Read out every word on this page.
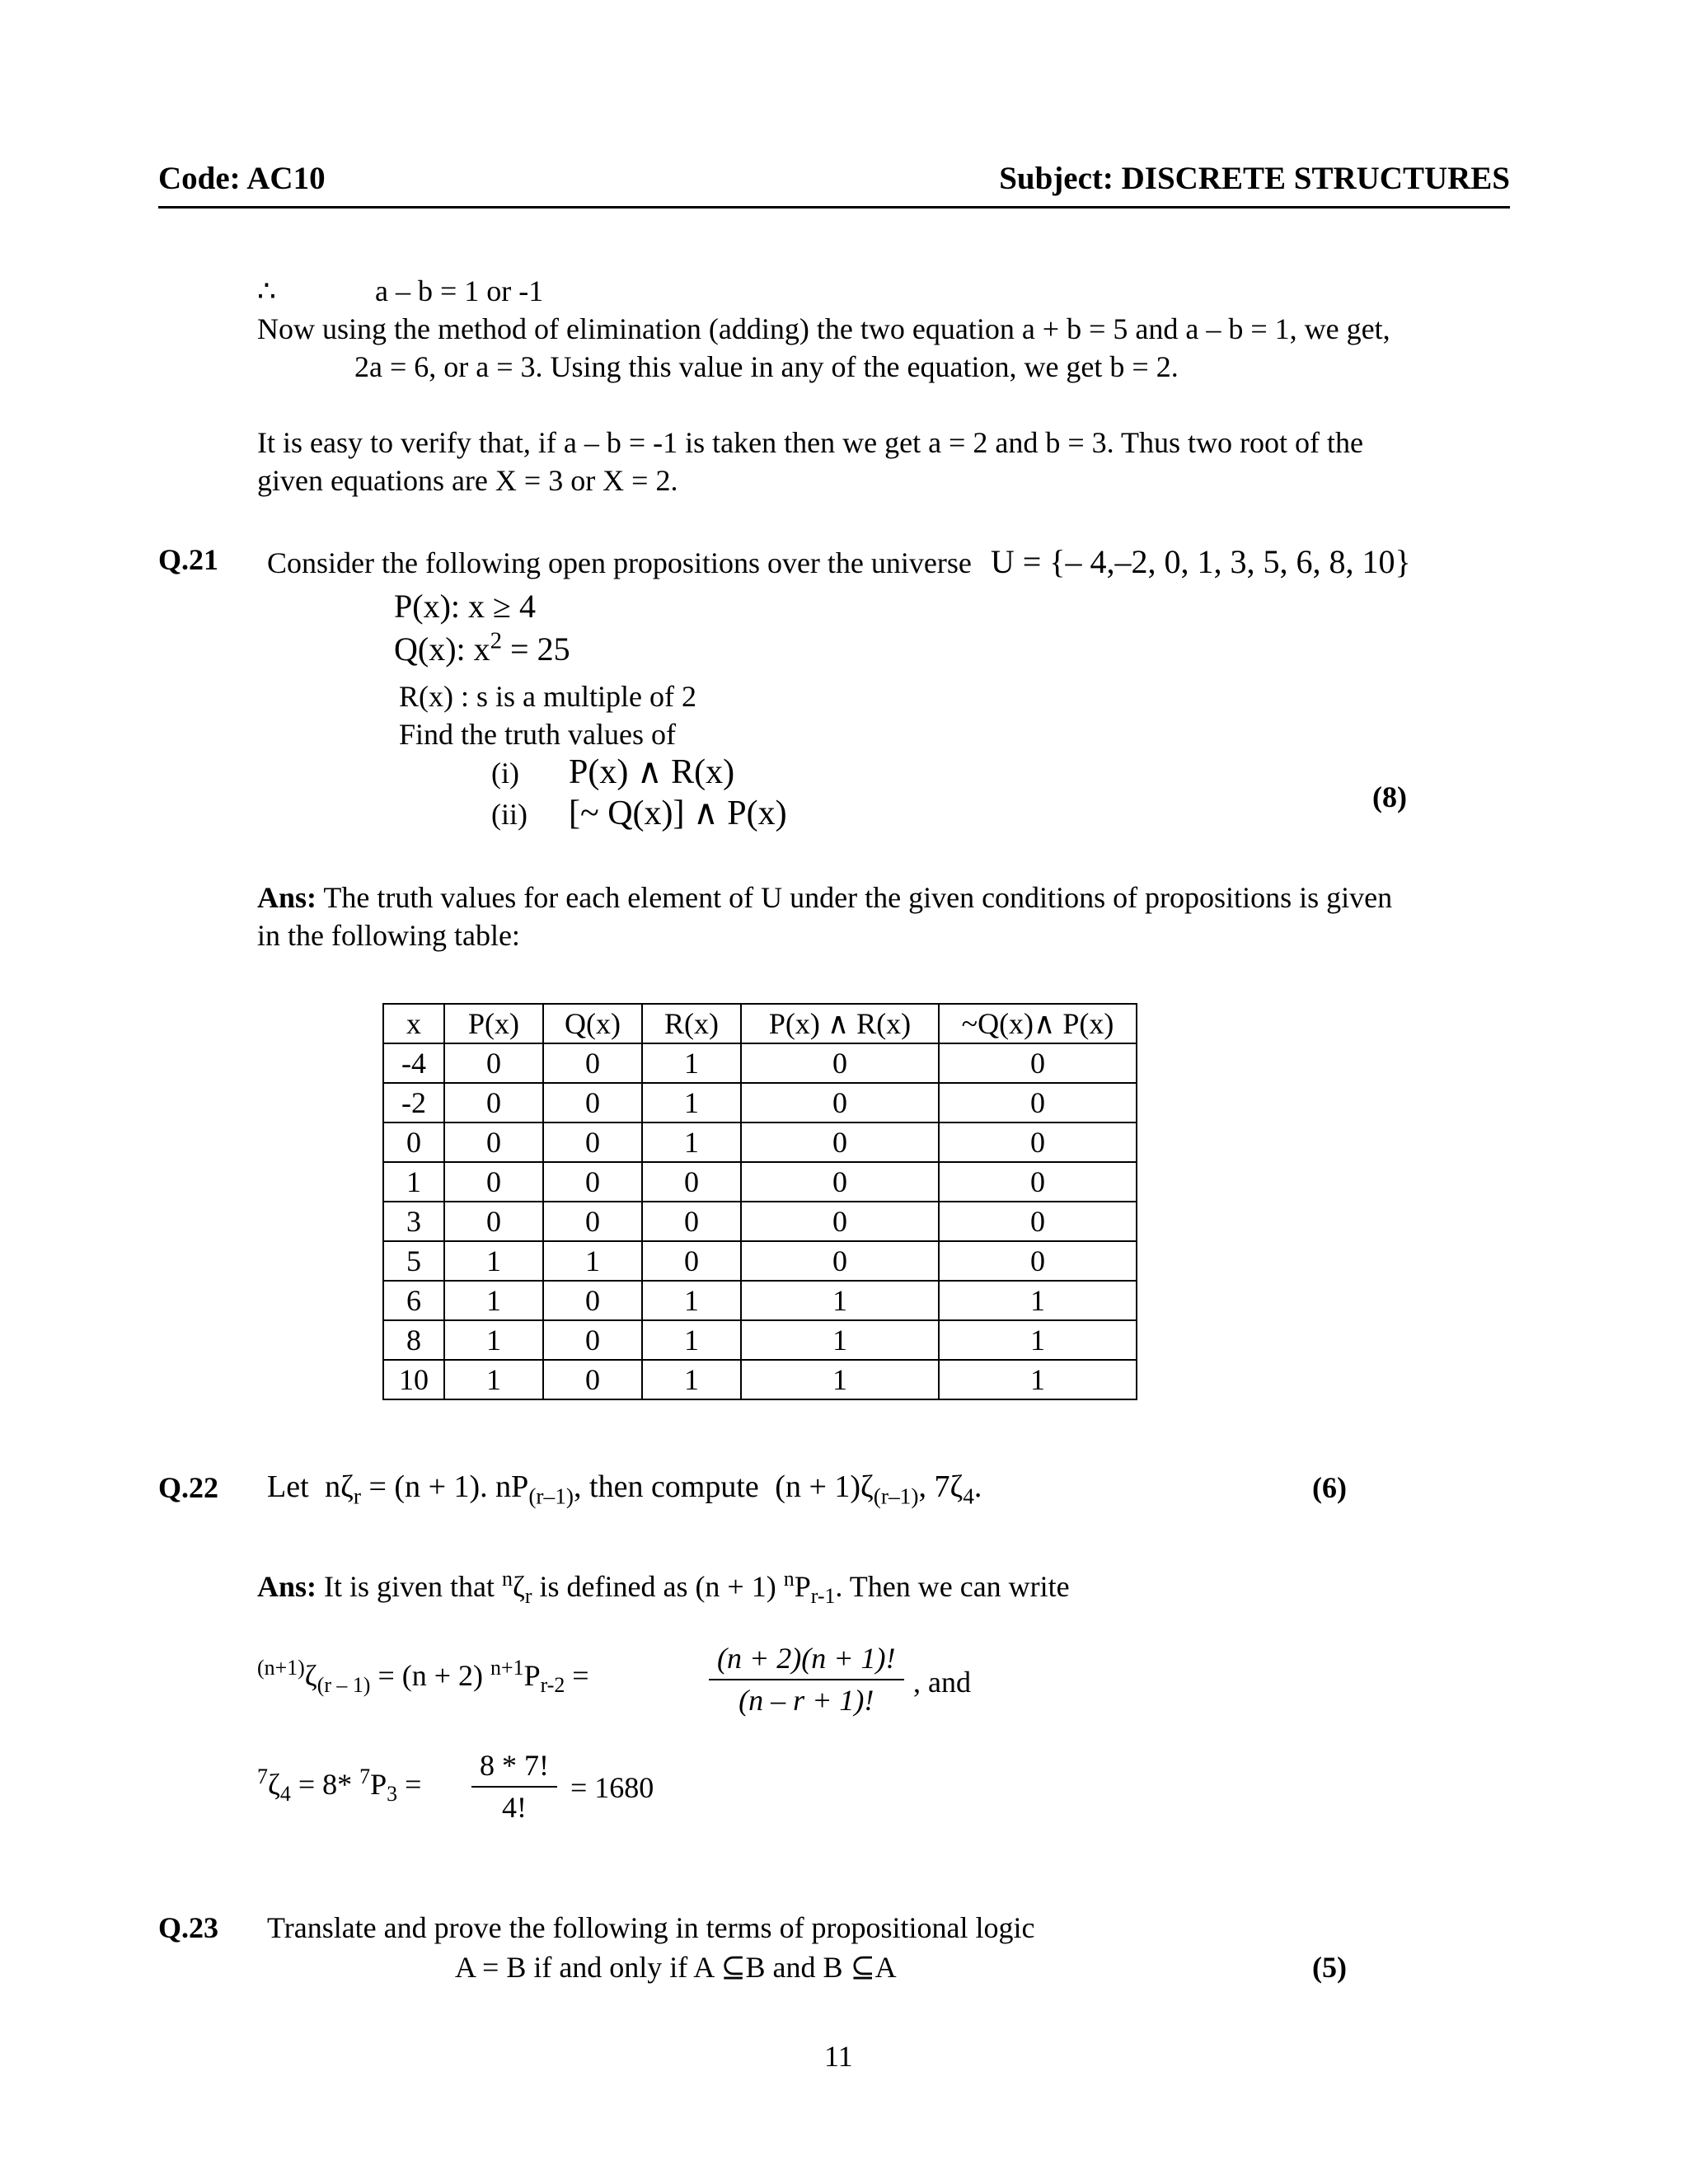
Code: AC10	Subject: DISCRETE STRUCTURES
∴	a – b = 1 or -1
Now using the method of elimination (adding) the two equation a + b = 5 and a – b = 1, we get,
2a = 6, or a = 3. Using this value in any of the equation, we get b = 2.
It is easy to verify that, if a – b = -1 is taken then we get a = 2 and b = 3. Thus two root of the
given equations are X = 3 or X = 2.
Q.21 Consider the following open propositions over the universe U = {– 4,–2, 0, 1, 3, 5, 6, 8, 10}
P(x): x ≥ 4
Q(x): $x^2 = 25$
R(x) : s is a multiple of 2
Find the truth values of
(i) P(x) ∧ R(x)
(ii) [~ Q(x)] ∧ P(x)	(8)
Ans: The truth values for each element of U under the given conditions of propositions is given
in the following table:
x	P(x)	Q(x)	R(x)	P(x) ∧ R(x)	~Q(x)∧ P(x)
-4	0	0	1	0	0
-2	0	0	1	0	0
0	0	0	1	0	0
1	0	0	0	0	0
3	0	0	0	0	0
5	1	1	0	0	0
6	1	0	1	1	1
8	1	0	1	1	1
10	1	0	1	1	1
Q.22 Let $n\zeta_r = (n + 1)$. $nP_{(r-1)}$, then compute $(n + 1)\zeta_{(r-1)}$, $7\zeta_4$.	(6)
Ans: It is given that $^n\zeta_r$ is defined as (n + 1) $^nP_{r-1}$. Then we can write
$^{(n+1)}\zeta_{(r - 1)} = (n + 2) ^{n+1}P_{r-2}$ =	$\frac{(n + 2)(n + 1)!}{(n - r + 1)!}$ , and
$^7\zeta_4 = 8*$ $^7P_3 = \frac{8 * 7!}{4!} = 1680$
Q.23 Translate and prove the following in terms of propositional logic
A = B if and only if A ⊆B and B ⊆A	(5)
11
